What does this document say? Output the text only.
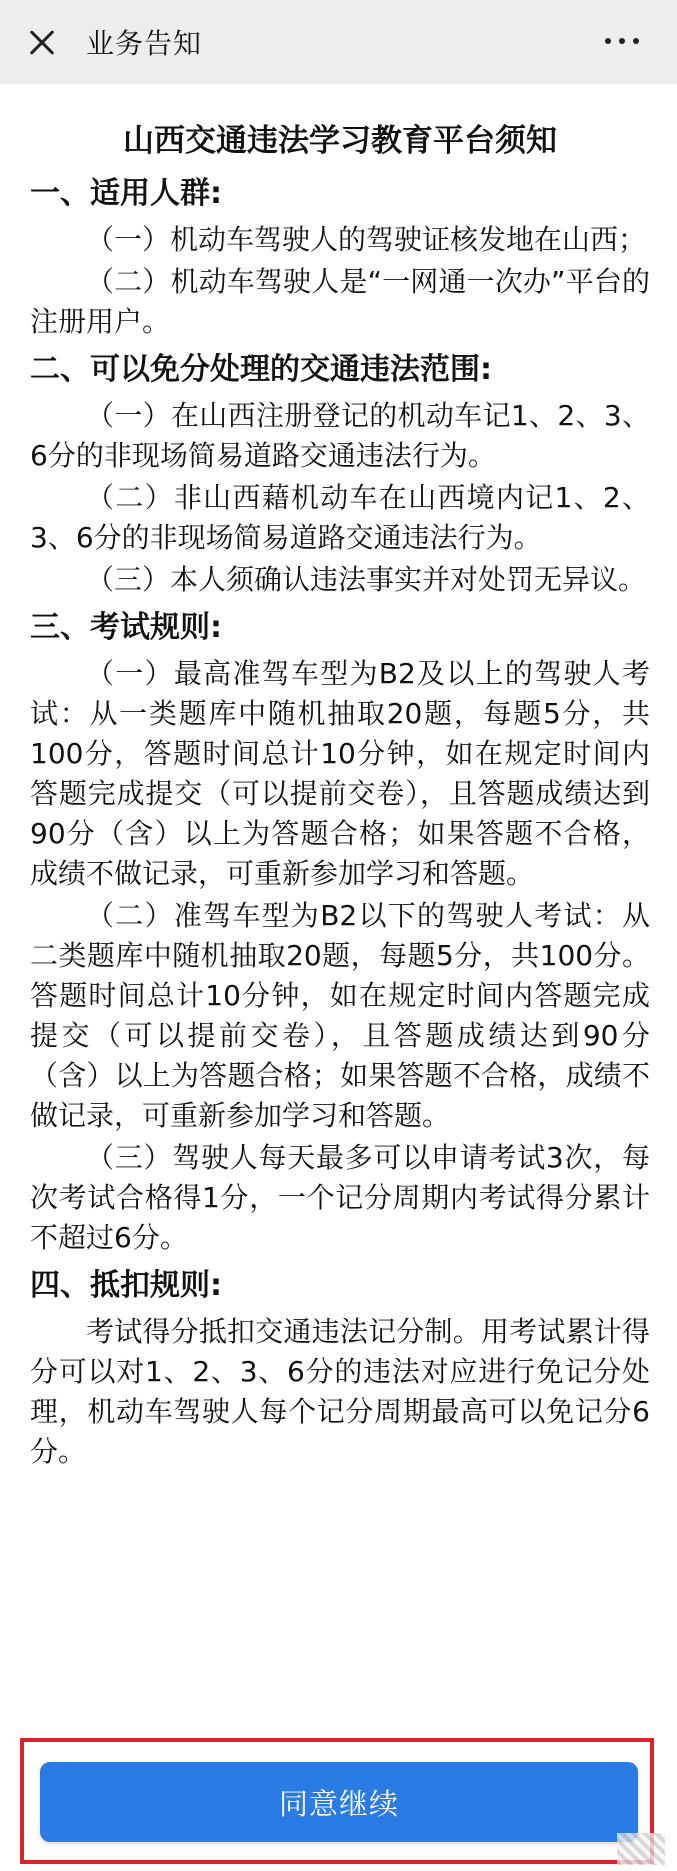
业务告知
山西交通违法学习教育平台须知
一、适用人群:

（一）机动车驾驶人的驾驶证核发地在山西；

（二）机动车驾驶人是“一网通一次办”平台的注册用户。

二、可以免分处理的交通违法范围:

（一）在山西注册登记的机动车记1、2、3、6分的非现场简易道路交通违法行为。

（二）非山西藉机动车在山西境内记1、2、3、6分的非现场简易道路交通违法行为。

（三）本人须确认违法事实并对处罚无异议。

三、考试规则:

（一）最高准驾车型为B2及以上的驾驶人考试：从一类题库中随机抽取20题，每题5分，共100分，答题时间总计10分钟，如在规定时间内答题完成提交（可以提前交卷），且答题成绩达到90分（含）以上为答题合格；如果答题不合格，成绩不做记录，可重新参加学习和答题。

（二）准驾车型为B2以下的驾驶人考试：从二类题库中随机抽取20题，每题5分，共100分。答题时间总计10分钟，如在规定时间内答题完成提交（可以提前交卷），且答题成绩达到90分（含）以上为答题合格；如果答题不合格，成绩不做记录，可重新参加学习和答题。

（三）驾驶人每天最多可以申请考试3次，每次考试合格得1分，一个记分周期内考试得分累计不超过6分。

四、抵扣规则:

考试得分抵扣交通违法记分制。用考试累计得分可以对1、2、3、6分的违法对应进行免记分处理，机动车驾驶人每个记分周期最高可以免记分6分。

同意继续
